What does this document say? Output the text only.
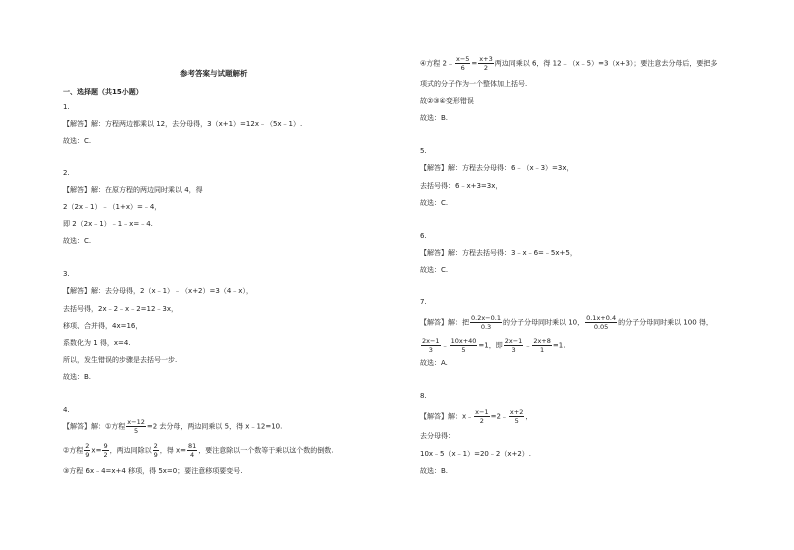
参考答案与试题解析
一、选择题（共15小题）
1.
【解答】解：方程两边都乘以 12，去分母得，3（x+1）=12x﹣（5x﹣1）.
故选：C.
2.
【解答】解：在原方程的两边同时乘以 4，得
2（2x﹣1）﹣（1+x）=﹣4，
即 2（2x﹣1）﹣1﹣x=﹣4.
故选：C.
3.
【解答】解：去分母得，2（x﹣1）﹣（x+2）=3（4﹣x），
去括号得，2x﹣2﹣x﹣2=12﹣3x，
移项、合并得，4x=16，
系数化为 1 得，x=4.
所以，发生错误的步骤是去括号一步.
故选：B.
4.
【解答】解：①方程 $\frac{x-12}{5} =2$ 去分母，两边同乘以 5，得 x﹣12=10.
②方程 $\frac{2}{9} x= \frac{9}{2}$ ，两边同除以 $\frac{2}{9}$ ，得 $x= \frac{81}{4}$ ，要注意除以一个数等于乘以这个数的倒数.
③方程 6x﹣4=x+4 移项，得 5x=0；要注意移项要变号.
④方程 2﹣ $\frac{x-5}{6} = \frac{x+3}{2}$ 两边同乘以 6，得 12﹣（x﹣5）=3（x+3）；要注意去分母后，要把多
项式的分子作为一个整体加上括号.
故②③④变形错误
故选：B.
5.
【解答】解：方程去分母得：6﹣（x﹣3）=3x，
去括号得：6﹣x+3=3x，
故选：C.
6.
【解答】解：方程去括号得：3﹣x﹣6=﹣5x+5，
故选：C.
7.
【解答】解：把 $\frac{0.2x-0.1}{0.3}$ 的分子分母同时乘以 10， $\frac{0.1x+0.4}{0.05}$ 的分子分母同时乘以 100 得，
$\frac{2x-1}{3}$ ﹣ $\frac{10x+40}{5} =1$，即 $\frac{2x-1}{3}$ ﹣ $\frac{2x+8}{1} =1$.
故选：A.
8.
【解答】解：x﹣ $\frac{x-1}{2}$ =2﹣ $\frac{x+2}{5}$ ，
去分母得：
10x﹣5（x﹣1）=20﹣2（x+2）.
故选：B.
